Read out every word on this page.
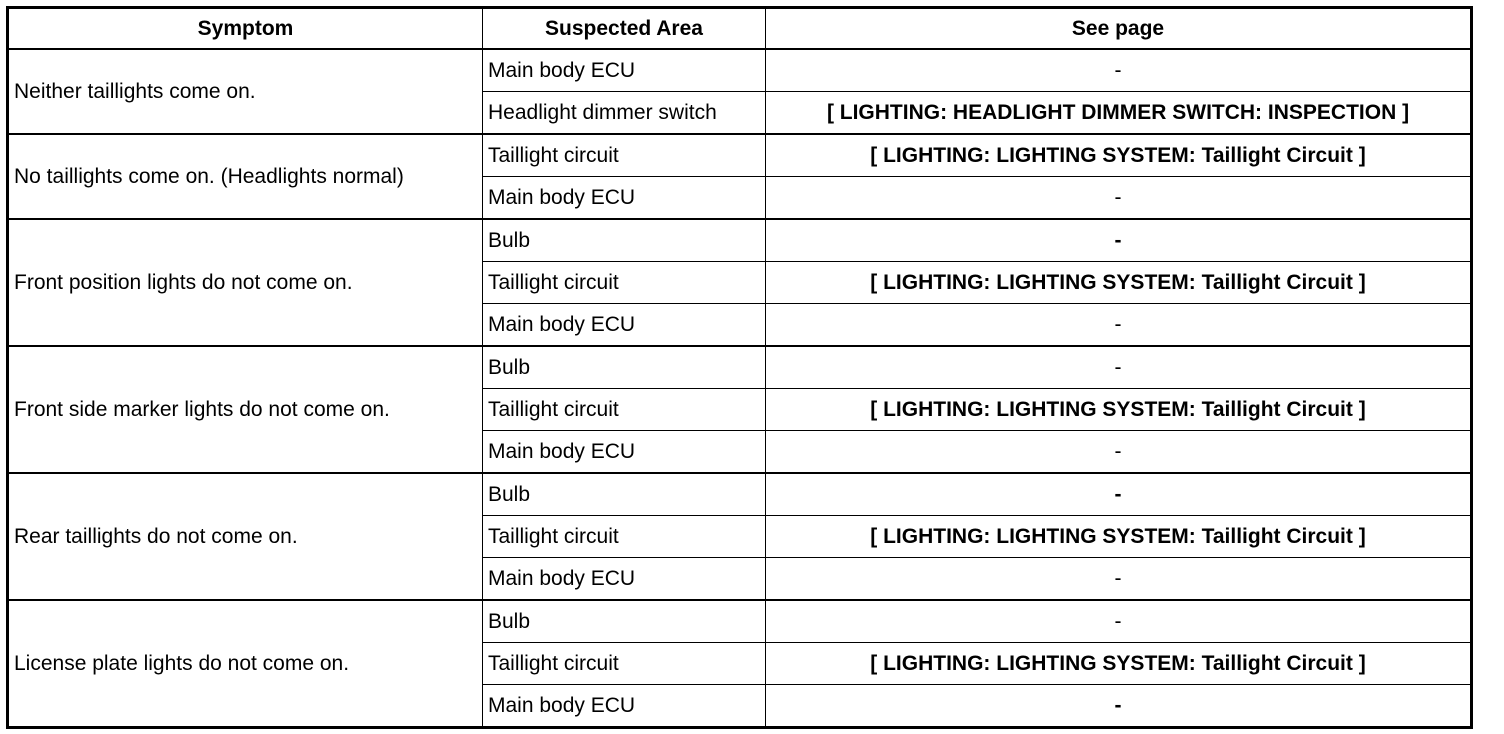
Symptom	Suspected Area	See page
Neither taillights come on.	Main body ECU	-
	Headlight dimmer switch	[ LIGHTING: HEADLIGHT DIMMER SWITCH: INSPECTION ]
No taillights come on. (Headlights normal)	Taillight circuit	[ LIGHTING: LIGHTING SYSTEM: Taillight Circuit ]
	Main body ECU	-
Front position lights do not come on.	Bulb	-
	Taillight circuit	[ LIGHTING: LIGHTING SYSTEM: Taillight Circuit ]
	Main body ECU	-
Front side marker lights do not come on.	Bulb	-
	Taillight circuit	[ LIGHTING: LIGHTING SYSTEM: Taillight Circuit ]
	Main body ECU	-
Rear taillights do not come on.	Bulb	-
	Taillight circuit	[ LIGHTING: LIGHTING SYSTEM: Taillight Circuit ]
	Main body ECU	-
License plate lights do not come on.	Bulb	-
	Taillight circuit	[ LIGHTING: LIGHTING SYSTEM: Taillight Circuit ]
	Main body ECU	-
